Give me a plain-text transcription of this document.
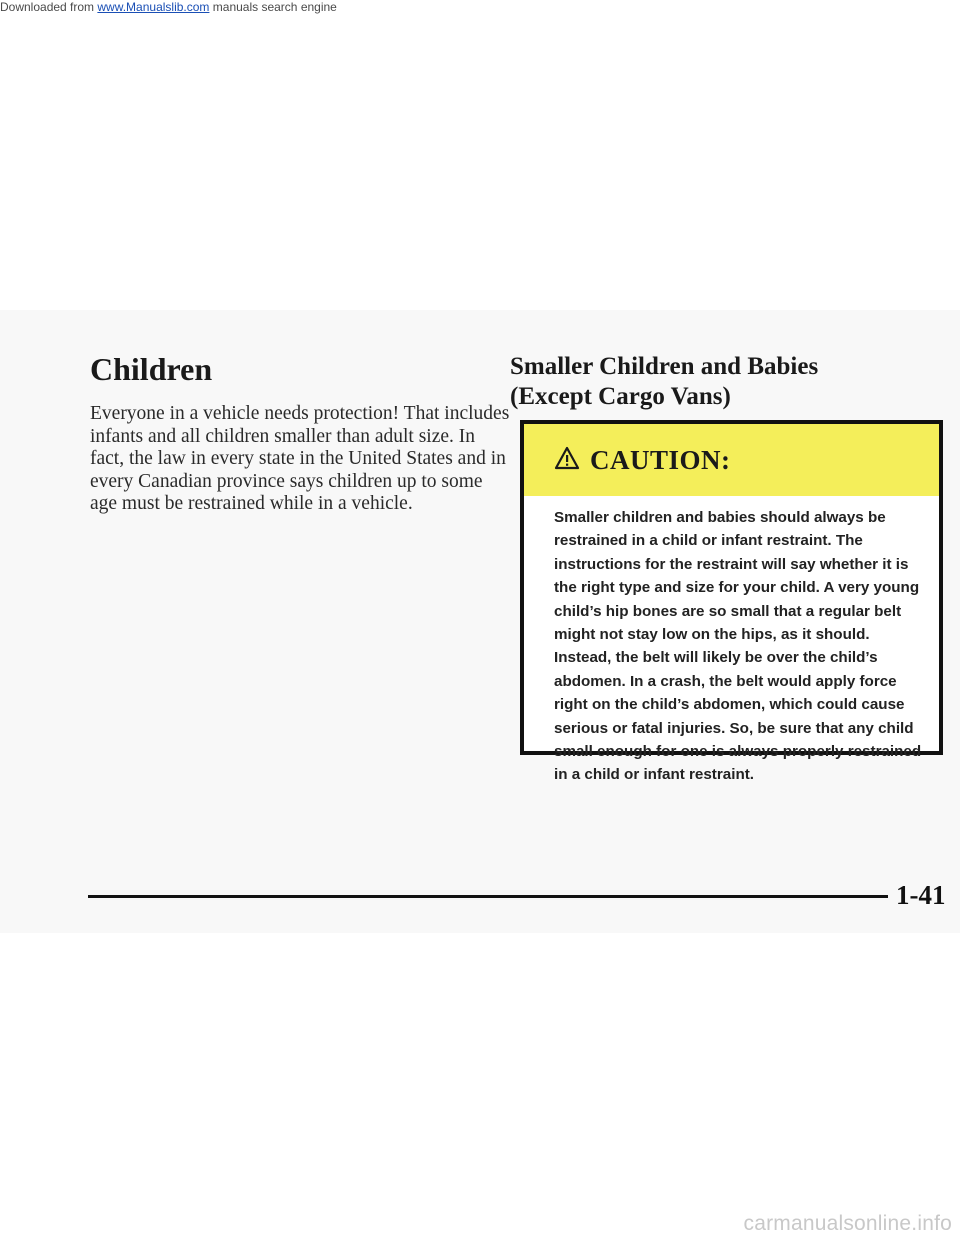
Downloaded from www.Manualslib.com manuals search engine
Children

Everyone in a vehicle needs protection! That includes infants and all children smaller than adult size. In fact, the law in every state in the United States and in every Canadian province says children up to some age must be restrained while in a vehicle.

Smaller Children and Babies
(Except Cargo Vans)
CAUTION:
Smaller children and babies should always be restrained in a child or infant restraint. The instructions for the restraint will say whether it is the right type and size for your child. A very young child’s hip bones are so small that a regular belt might not stay low on the hips, as it should. Instead, the belt will likely be over the child’s abdomen. In a crash, the belt would apply force right on the child’s abdomen, which could cause serious or fatal injuries. So, be sure that any child small enough for one is always properly restrained in a child or infant restraint.
1-41
carmanualsonline.info
